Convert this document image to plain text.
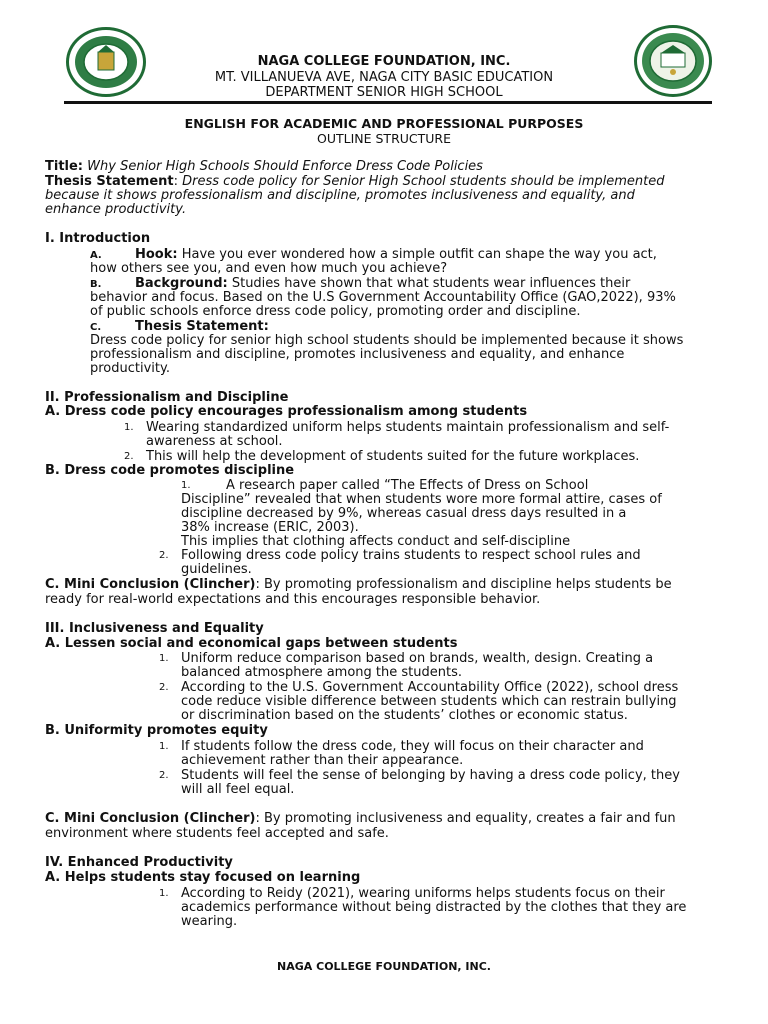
NAGA COLLEGE FOUNDATION, INC.
MT. VILLANUEVA AVE, NAGA CITY BASIC EDUCATION
DEPARTMENT SENIOR HIGH SCHOOL
ENGLISH FOR ACADEMIC AND PROFESSIONAL PURPOSES
OUTLINE STRUCTURE
Title: Why Senior High Schools Should Enforce Dress Code Policies
Thesis Statement: Dress code policy for Senior High School students should be implemented
because it shows professionalism and discipline, promotes inclusiveness and equality, and
enhance productivity.
I. Introduction
A.	Hook: Have you ever wondered how a simple outfit can shape the way you act,
how others see you, and even how much you achieve?
B.	Background: Studies have shown that what students wear influences their
behavior and focus. Based on the U.S Government Accountability Office (GAO,2022), 93%
of public schools enforce dress code policy, promoting order and discipline.
C.	Thesis Statement:
Dress code policy for senior high school students should be implemented because it shows
professionalism and discipline, promotes inclusiveness and equality, and enhance
productivity.
II. Professionalism and Discipline
A. Dress code policy encourages professionalism among students
1. Wearing standardized uniform helps students maintain professionalism and self-
awareness at school.
2. This will help the development of students suited for the future workplaces.
B. Dress code promotes discipline
1.	A research paper called “The Effects of Dress on School
Discipline” revealed that when students wore more formal attire, cases of
discipline decreased by 9%, whereas casual dress days resulted in a
38% increase (ERIC, 2003).
This implies that clothing affects conduct and self-discipline
2. Following dress code policy trains students to respect school rules and
guidelines.
C. Mini Conclusion (Clincher): By promoting professionalism and discipline helps students be
ready for real-world expectations and this encourages responsible behavior.
III. Inclusiveness and Equality
A. Lessen social and economical gaps between students
1. Uniform reduce comparison based on brands, wealth, design. Creating a
balanced atmosphere among the students.
2. According to the U.S. Government Accountability Office (2022), school dress
code reduce visible difference between students which can restrain bullying
or discrimination based on the students’ clothes or economic status.
B. Uniformity promotes equity
1. If students follow the dress code, they will focus on their character and
achievement rather than their appearance.
2. Students will feel the sense of belonging by having a dress code policy, they
will all feel equal.
C. Mini Conclusion (Clincher): By promoting inclusiveness and equality, creates a fair and fun
environment where students feel accepted and safe.
IV. Enhanced Productivity
A. Helps students stay focused on learning
1. According to Reidy (2021), wearing uniforms helps students focus on their
academics performance without being distracted by the clothes that they are
wearing.
NAGA COLLEGE FOUNDATION, INC.
